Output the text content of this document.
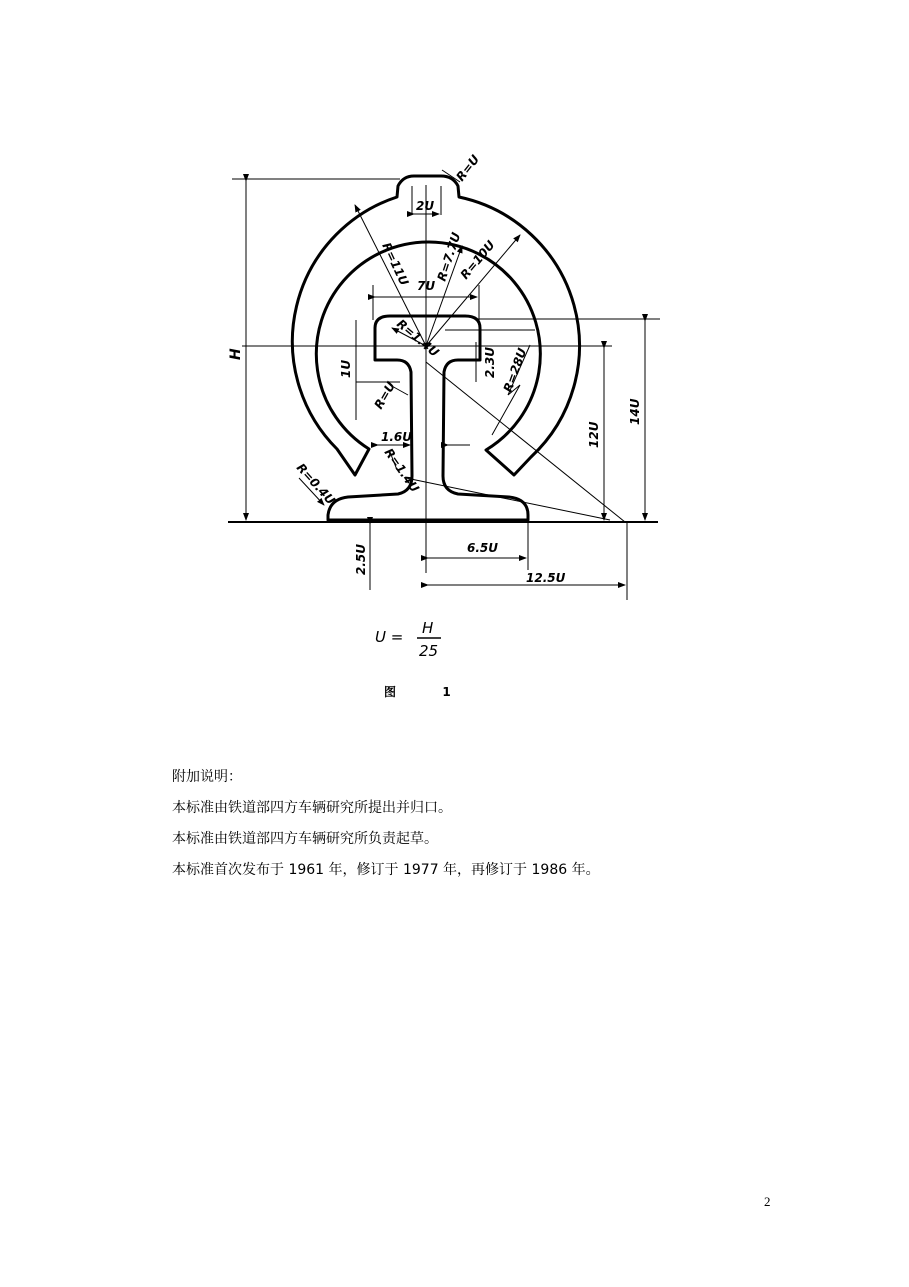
R=U
2U
R=11U R=7.7U
R=10U
7U
R=1.4U
1U
R=U
2.3U R=28U
1.6U
R=1.4U
R=0.4U
12U
14U
H
2.5U	6.5U
12.5U
U = H
25
图	1

附加说明：

本标准由铁道部四方车辆研究所提出并归口。

本标准由铁道部四方车辆研究所负责起草。

本标准首次发布于 1961 年，修订于 1977 年，再修订于 1986 年。

2
